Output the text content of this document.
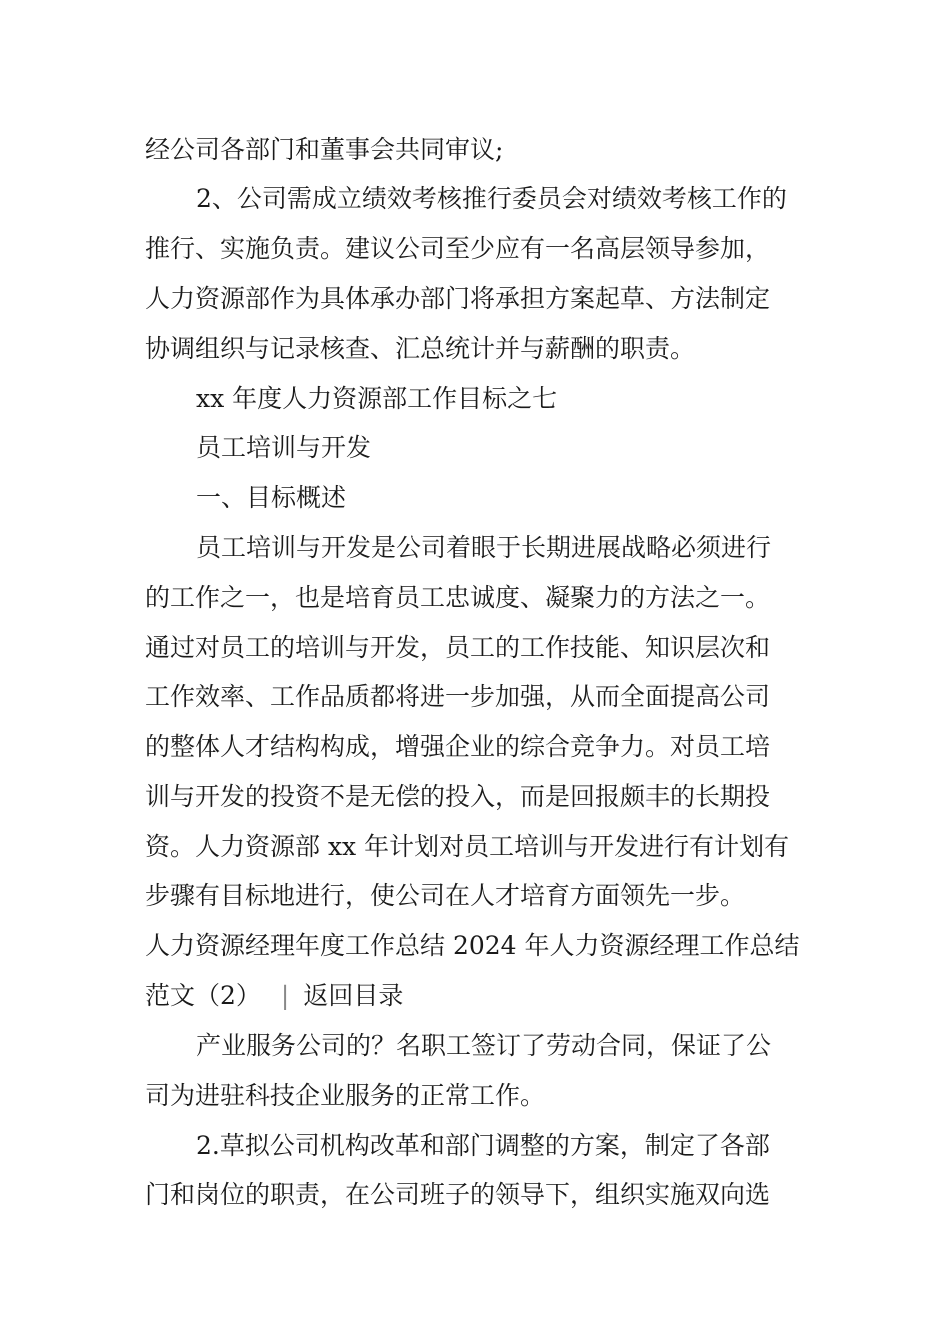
经公司各部门和董事会共同审议;
2、公司需成立绩效考核推行委员会对绩效考核工作的
推行、实施负责。建议公司至少应有一名高层领导参加，
人力资源部作为具体承办部门将承担方案起草、方法制定
协调组织与记录核查、汇总统计并与薪酬的职责。
xx 年度人力资源部工作目标之七
员工培训与开发
一、目标概述
员工培训与开发是公司着眼于长期进展战略必须进行
的工作之一，也是培育员工忠诚度、凝聚力的方法之一。
通过对员工的培训与开发，员工的工作技能、知识层次和
工作效率、工作品质都将进一步加强，从而全面提高公司
的整体人才结构构成，增强企业的综合竞争力。对员工培
训与开发的投资不是无偿的投入，而是回报颇丰的长期投
资。人力资源部 xx 年计划对员工培训与开发进行有计划有
步骤有目标地进行，使公司在人才培育方面领先一步。
人力资源经理年度工作总结 2024 年人力资源经理工作总结
范文（2） | 返回目录
产业服务公司的？名职工签订了劳动合同，保证了公
司为进驻科技企业服务的正常工作。
2.草拟公司机构改革和部门调整的方案，制定了各部
门和岗位的职责，在公司班子的领导下，组织实施双向选
